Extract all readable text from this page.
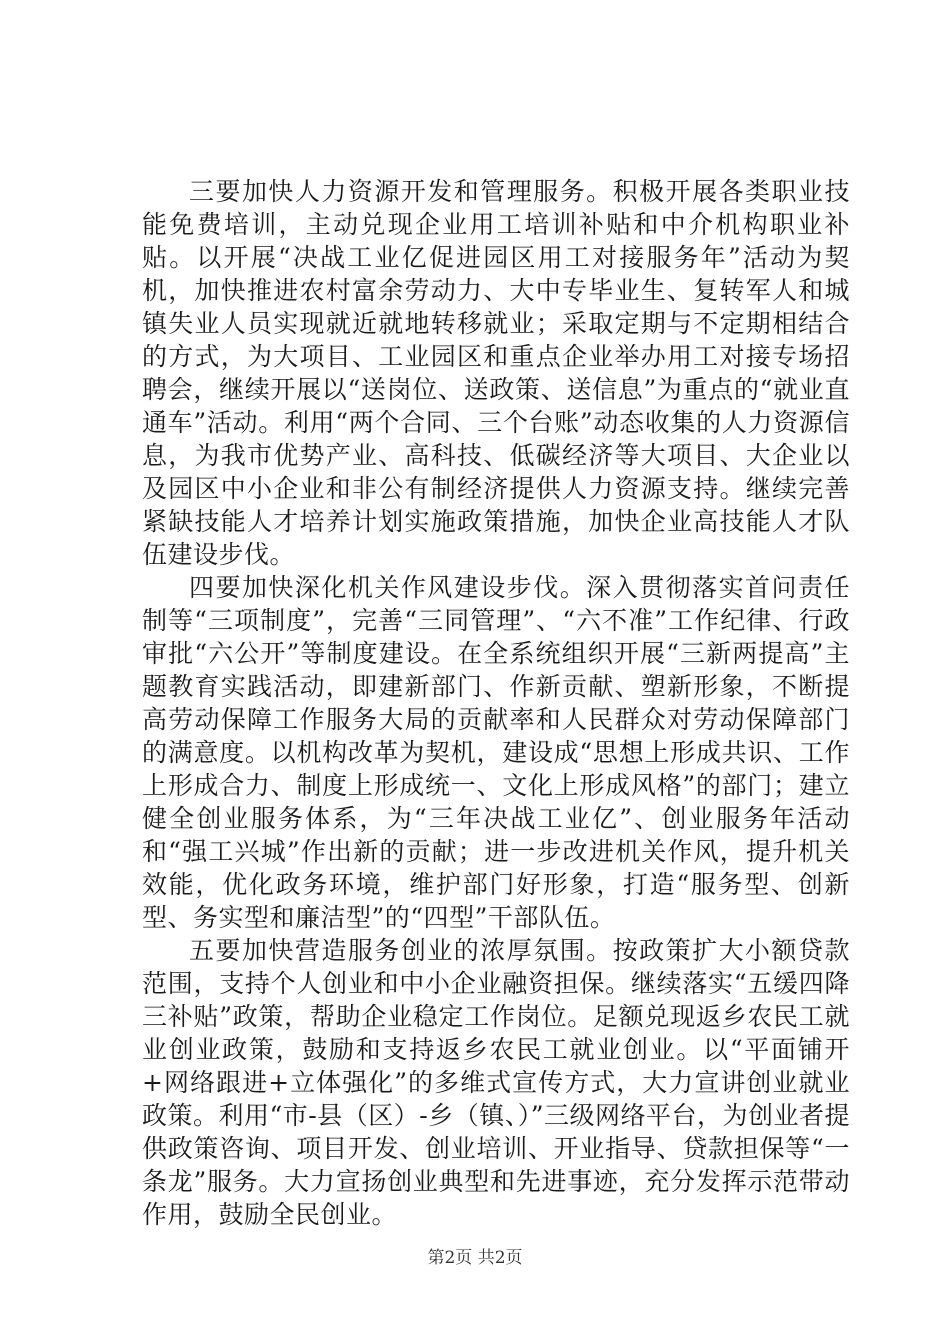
三要加快人力资源开发和管理服务。积极开展各类职业技能免费培训，主动兑现企业用工培训补贴和中介机构职业补贴。以开展“决战工业亿促进园区用工对接服务年”活动为契机，加快推进农村富余劳动力、大中专毕业生、复转军人和城镇失业人员实现就近就地转移就业；采取定期与不定期相结合的方式，为大项目、工业园区和重点企业举办用工对接专场招聘会，继续开展以“送岗位、送政策、送信息”为重点的“就业直通车”活动。利用“两个合同、三个台账”动态收集的人力资源信息，为我市优势产业、高科技、低碳经济等大项目、大企业以及园区中小企业和非公有制经济提供人力资源支持。继续完善紧缺技能人才培养计划实施政策措施，加快企业高技能人才队伍建设步伐。

四要加快深化机关作风建设步伐。深入贯彻落实首问责任制等“三项制度”，完善“三同管理”、“六不准”工作纪律、行政审批“六公开”等制度建设。在全系统组织开展“三新两提高”主题教育实践活动，即建新部门、作新贡献、塑新形象，不断提高劳动保障工作服务大局的贡献率和人民群众对劳动保障部门的满意度。以机构改革为契机，建设成“思想上形成共识、工作上形成合力、制度上形成统一、文化上形成风格”的部门；建立健全创业服务体系，为“三年决战工业亿”、创业服务年活动和“强工兴城”作出新的贡献；进一步改进机关作风，提升机关效能，优化政务环境，维护部门好形象，打造“服务型、创新型、务实型和廉洁型”的“四型”干部队伍。

五要加快营造服务创业的浓厚氛围。按政策扩大小额贷款范围，支持个人创业和中小企业融资担保。继续落实“五缓四降三补贴”政策，帮助企业稳定工作岗位。足额兑现返乡农民工就业创业政策，鼓励和支持返乡农民工就业创业。以“平面铺开+网络跟进+立体强化”的多维式宣传方式，大力宣讲创业就业政策。利用“市-县（区）-乡（镇、）”三级网络平台，为创业者提供政策咨询、项目开发、创业培训、开业指导、贷款担保等“一条龙”服务。大力宣扬创业典型和先进事迹，充分发挥示范带动作用，鼓励全民创业。

第2页 共2页
